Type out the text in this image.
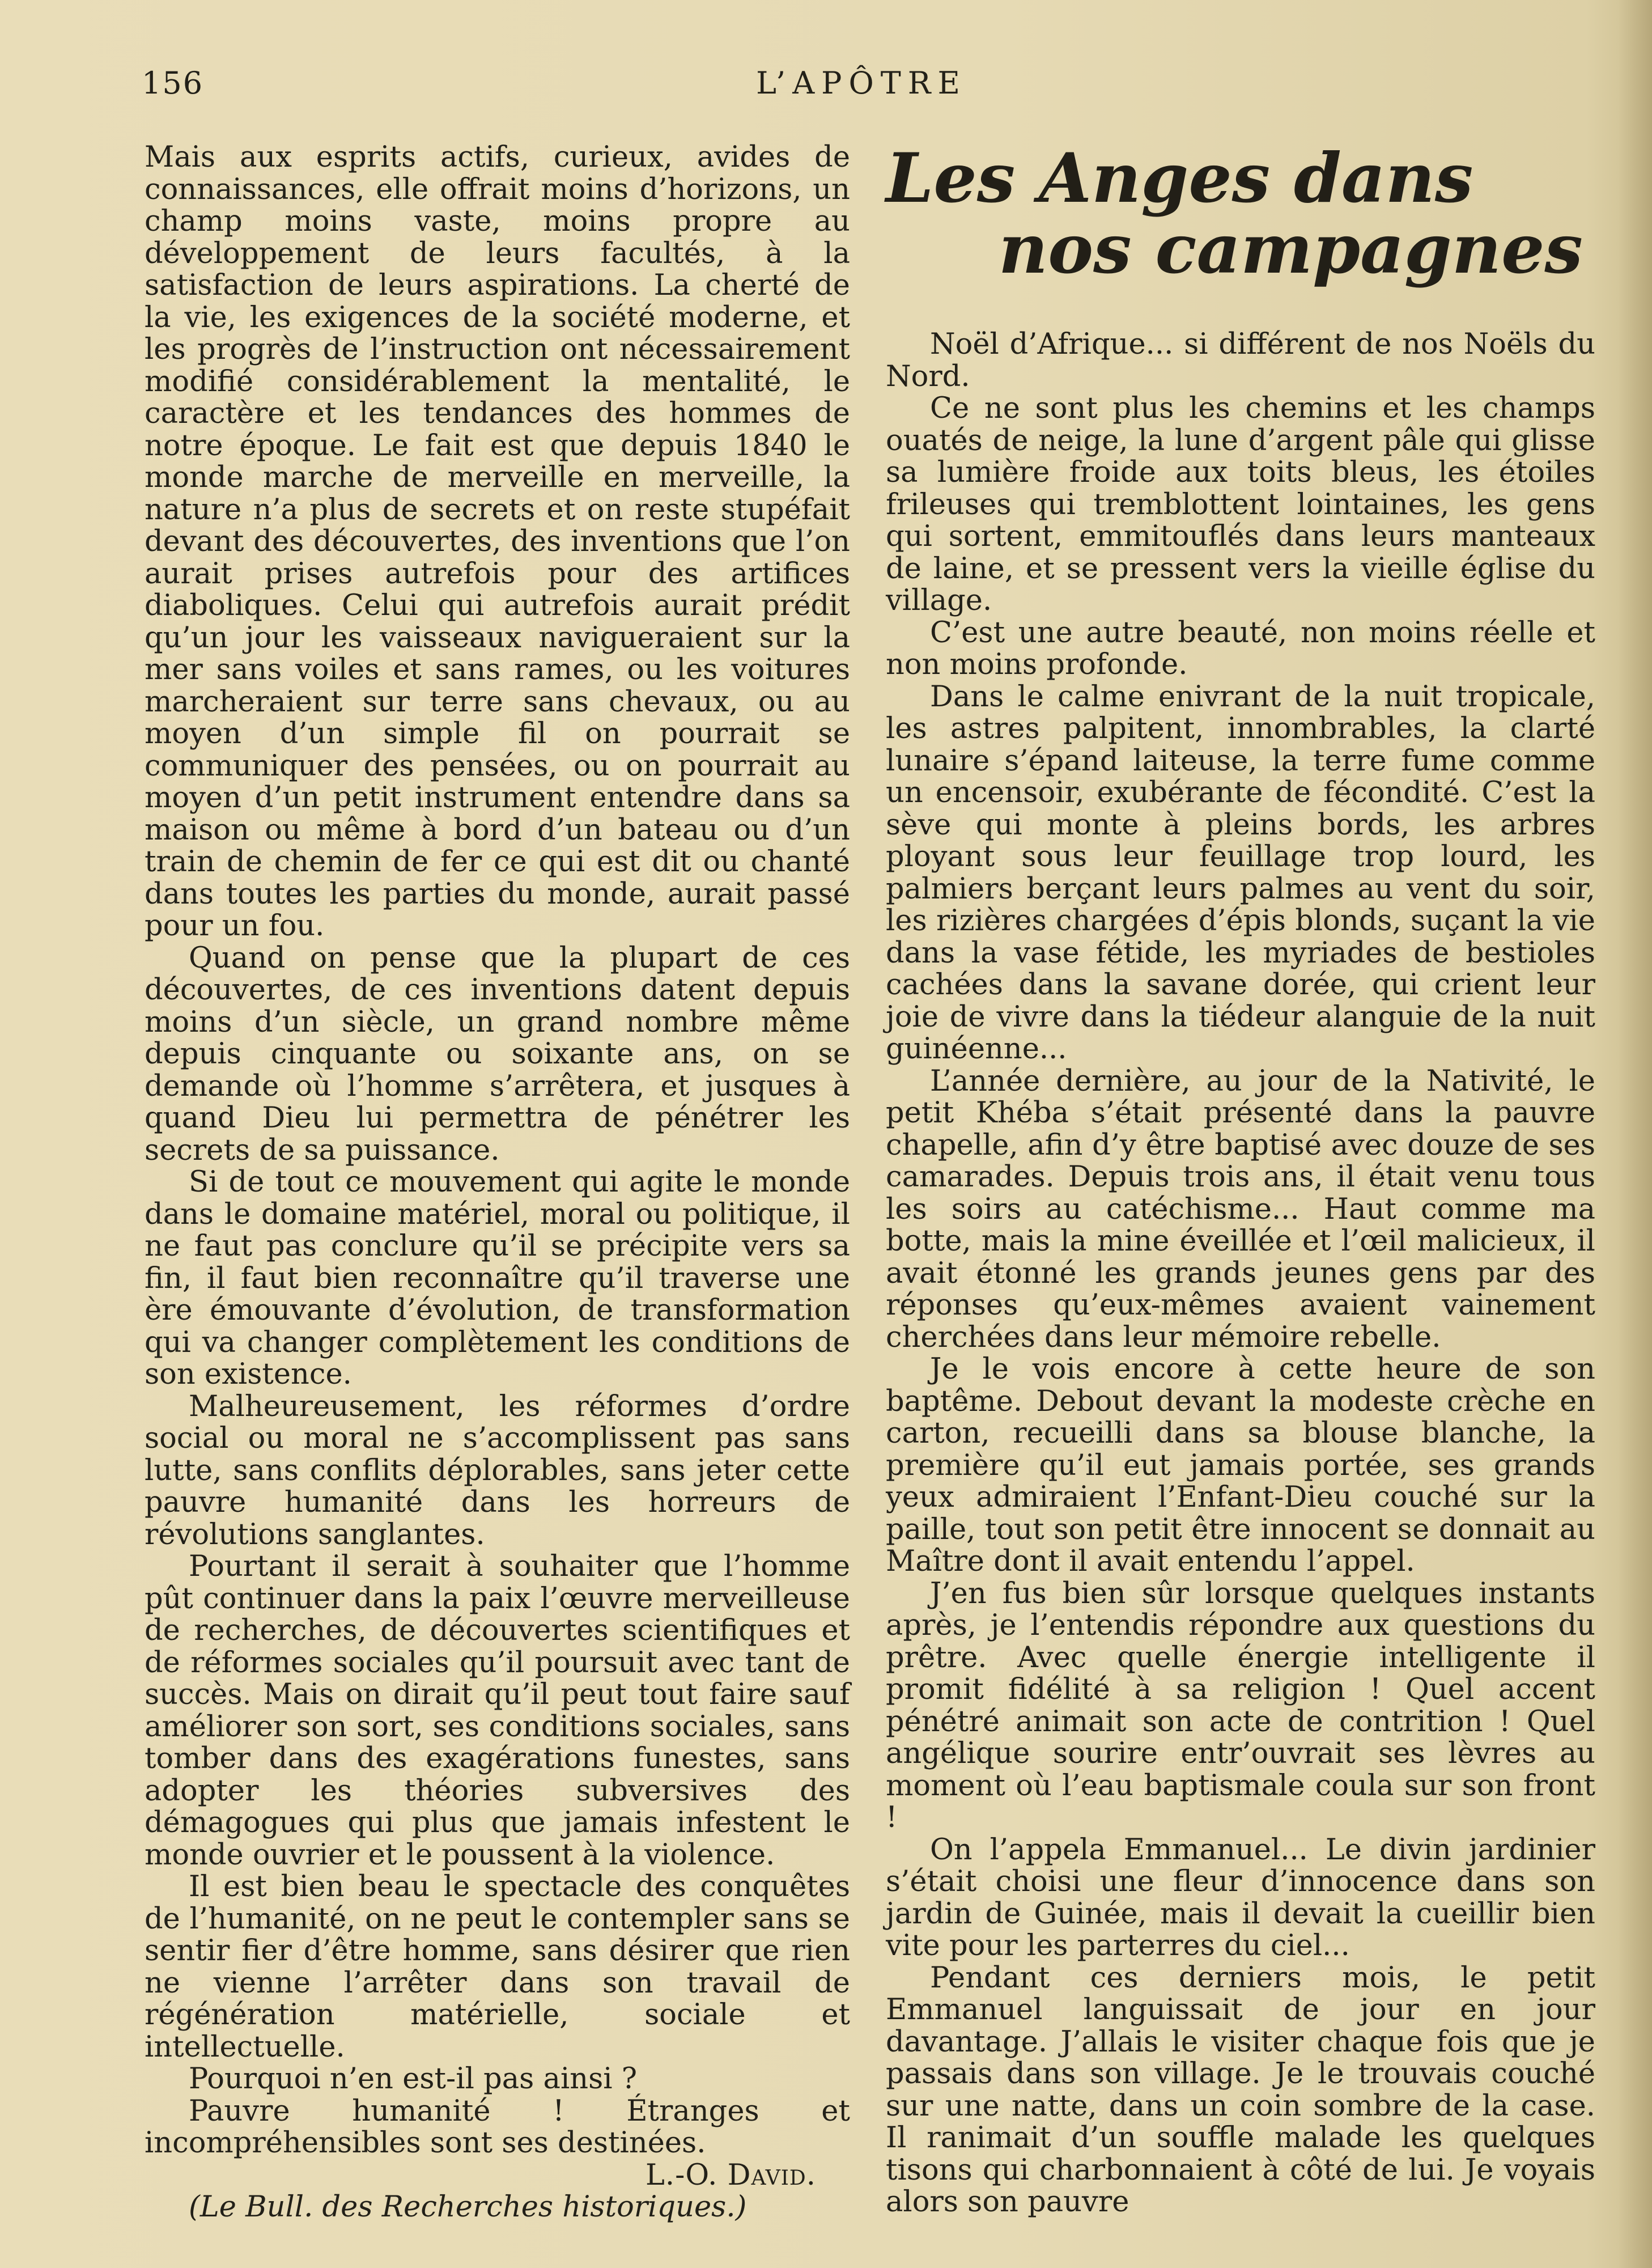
156	L’APÔTRE

Mais aux esprits actifs, curieux, avides de connaissances, elle offrait moins d’horizons, un champ moins vaste, moins propre au développement de leurs facultés, à la satisfaction de leurs aspirations. La cherté de la vie, les exigences de la société moderne, et les progrès de l’instruction ont nécessairement modifié considérablement la mentalité, le caractère et les tendances des hommes de notre époque. Le fait est que depuis 1840 le monde marche de merveille en merveille, la nature n’a plus de secrets et on reste stupéfait devant des découvertes, des inventions que l’on aurait prises autrefois pour des artifices diaboliques. Celui qui autrefois aurait prédit qu’un jour les vaisseaux navigueraient sur la mer sans voiles et sans rames, ou les voitures marcheraient sur terre sans chevaux, ou au moyen d’un simple fil on pourrait se communiquer des pensées, ou on pourrait au moyen d’un petit instrument entendre dans sa maison ou même à bord d’un bateau ou d’un train de chemin de fer ce qui est dit ou chanté dans toutes les parties du monde, aurait passé pour un fou.

Quand on pense que la plupart de ces découvertes, de ces inventions datent depuis moins d’un siècle, un grand nombre même depuis cinquante ou soixante ans, on se demande où l’homme s’arrêtera, et jusques à quand Dieu lui permettra de pénétrer les secrets de sa puissance.

Si de tout ce mouvement qui agite le monde dans le domaine matériel, moral ou politique, il ne faut pas conclure qu’il se précipite vers sa fin, il faut bien reconnaître qu’il traverse une ère émouvante d’évolution, de transformation qui va changer complètement les conditions de son existence.

Malheureusement, les réformes d’ordre social ou moral ne s’accomplissent pas sans lutte, sans conflits déplorables, sans jeter cette pauvre humanité dans les horreurs de révolutions sanglantes.

Pourtant il serait à souhaiter que l’homme pût continuer dans la paix l’œuvre merveilleuse de recherches, de découvertes scientifiques et de réformes sociales qu’il poursuit avec tant de succès. Mais on dirait qu’il peut tout faire sauf améliorer son sort, ses conditions sociales, sans tomber dans des exagérations funestes, sans adopter les théories subversives des démagogues qui plus que jamais infestent le monde ouvrier et le poussent à la violence.

Il est bien beau le spectacle des conquêtes de l’humanité, on ne peut le contempler sans se sentir fier d’être homme, sans désirer que rien ne vienne l’arrêter dans son travail de régénération matérielle, sociale et intellectuelle.

Pourquoi n’en est-il pas ainsi ?

Pauvre humanité ! Étranges et incompréhensibles sont ses destinées.

L.-O. David.

(Le Bull. des Recherches historiques.)

Les Anges dans
nos campagnes

Noël d’Afrique... si différent de nos Noëls du Nord.

Ce ne sont plus les chemins et les champs ouatés de neige, la lune d’argent pâle qui glisse sa lumière froide aux toits bleus, les étoiles frileuses qui tremblottent lointaines, les gens qui sortent, emmitouflés dans leurs manteaux de laine, et se pressent vers la vieille église du village.

C’est une autre beauté, non moins réelle et non moins profonde.

Dans le calme enivrant de la nuit tropicale, les astres palpitent, innombrables, la clarté lunaire s’épand laiteuse, la terre fume comme un encensoir, exubérante de fécondité. C’est la sève qui monte à pleins bords, les arbres ployant sous leur feuillage trop lourd, les palmiers berçant leurs palmes au vent du soir, les rizières chargées d’épis blonds, suçant la vie dans la vase fétide, les myriades de bestioles cachées dans la savane dorée, qui crient leur joie de vivre dans la tiédeur alanguie de la nuit guinéenne...

L’année dernière, au jour de la Nativité, le petit Khéba s’était présenté dans la pauvre chapelle, afin d’y être baptisé avec douze de ses camarades. Depuis trois ans, il était venu tous les soirs au catéchisme... Haut comme ma botte, mais la mine éveillée et l’œil malicieux, il avait étonné les grands jeunes gens par des réponses qu’eux-mêmes avaient vainement cherchées dans leur mémoire rebelle.

Je le vois encore à cette heure de son baptême. Debout devant la modeste crèche en carton, recueilli dans sa blouse blanche, la première qu’il eut jamais portée, ses grands yeux admiraient l’Enfant-Dieu couché sur la paille, tout son petit être innocent se donnait au Maître dont il avait entendu l’appel.

J’en fus bien sûr lorsque quelques instants après, je l’entendis répondre aux questions du prêtre. Avec quelle énergie intelligente il promit fidélité à sa religion ! Quel accent pénétré animait son acte de contrition ! Quel angélique sourire entr’ouvrait ses lèvres au moment où l’eau baptismale coula sur son front !

On l’appela Emmanuel... Le divin jardinier s’était choisi une fleur d’innocence dans son jardin de Guinée, mais il devait la cueillir bien vite pour les parterres du ciel...

Pendant ces derniers mois, le petit Emmanuel languissait de jour en jour davantage. J’allais le visiter chaque fois que je passais dans son village. Je le trouvais couché sur une natte, dans un coin sombre de la case. Il ranimait d’un souffle malade les quelques tisons qui charbonnaient à côté de lui. Je voyais alors son pauvre
